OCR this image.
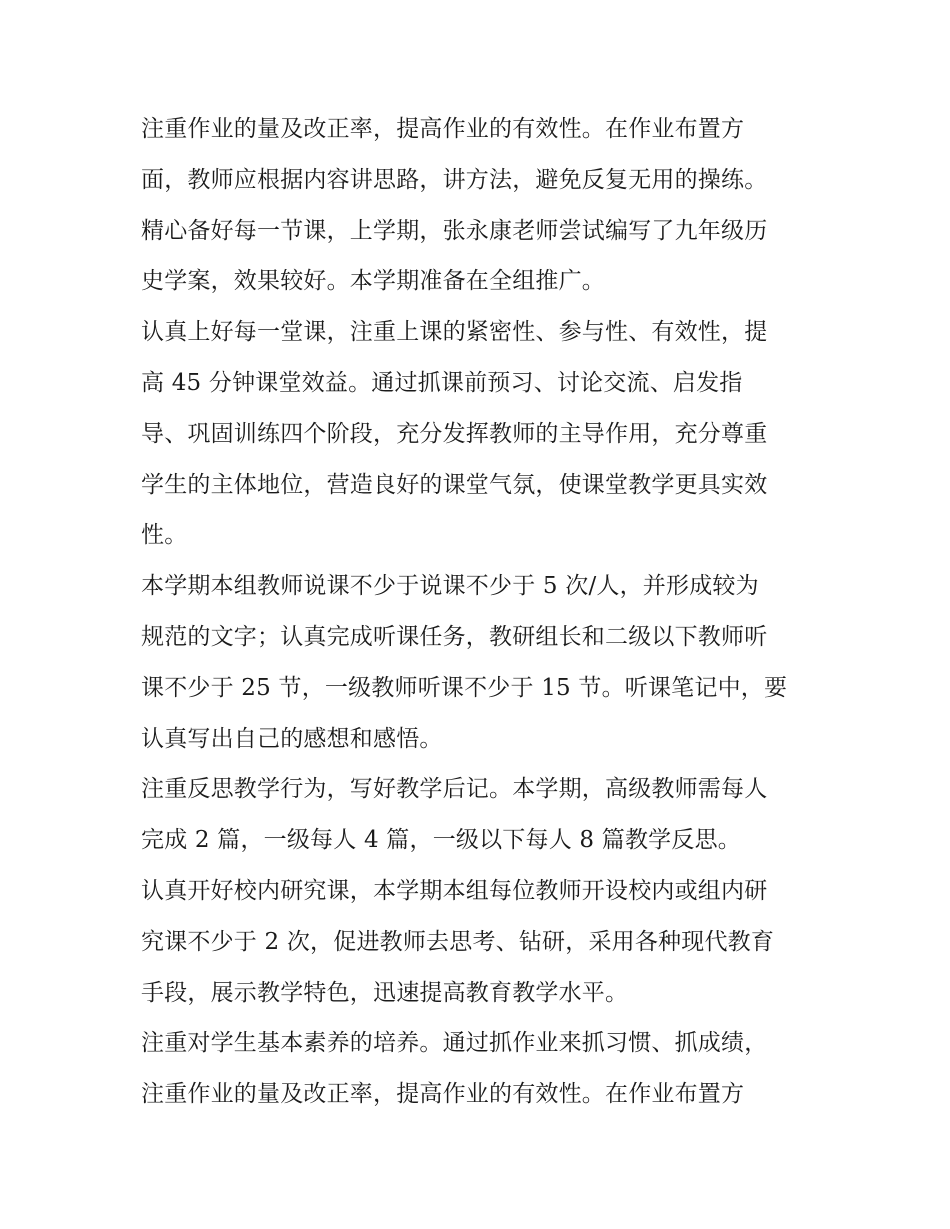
注重作业的量及改正率，提高作业的有效性。在作业布置方
面，教师应根据内容讲思路，讲方法，避免反复无用的操练。
精心备好每一节课，上学期，张永康老师尝试编写了九年级历
史学案，效果较好。本学期准备在全组推广。
认真上好每一堂课，注重上课的紧密性、参与性、有效性，提
高 45 分钟课堂效益。通过抓课前预习、讨论交流、启发指
导、巩固训练四个阶段，充分发挥教师的主导作用，充分尊重
学生的主体地位，营造良好的课堂气氛，使课堂教学更具实效
性。
本学期本组教师说课不少于说课不少于 5 次/人，并形成较为
规范的文字；认真完成听课任务，教研组长和二级以下教师听
课不少于 25 节，一级教师听课不少于 15 节。听课笔记中，要
认真写出自己的感想和感悟。
注重反思教学行为，写好教学后记。本学期，高级教师需每人
完成 2 篇，一级每人 4 篇，一级以下每人 8 篇教学反思。
认真开好校内研究课，本学期本组每位教师开设校内或组内研
究课不少于 2 次，促进教师去思考、钻研，采用各种现代教育
手段，展示教学特色，迅速提高教育教学水平。
注重对学生基本素养的培养。通过抓作业来抓习惯、抓成绩，
注重作业的量及改正率，提高作业的有效性。在作业布置方
